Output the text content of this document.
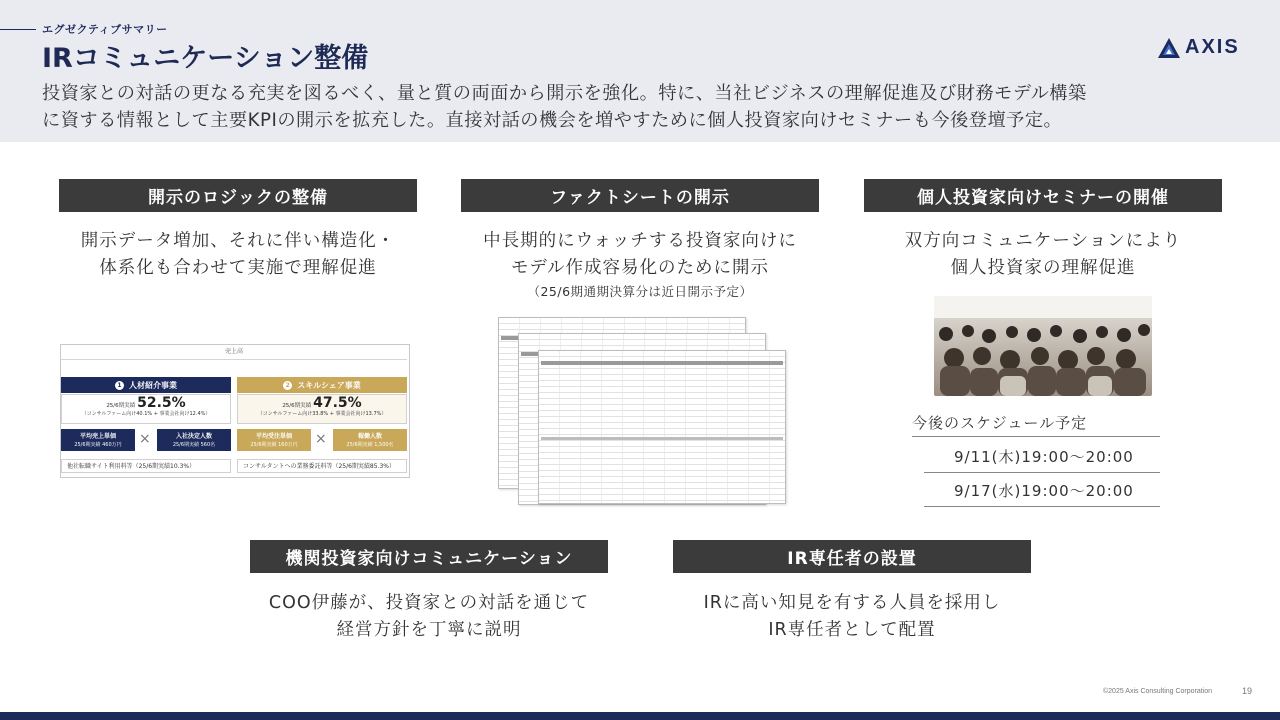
エグゼクティブサマリー
IRコミュニケーション整備	AXIS
投資家との対話の更なる充実を図るべく、量と質の両面から開示を強化。特に、当社ビジネスの理解促進及び財務モデル構築
に資する情報として主要KPIの開示を拡充した。直接対話の機会を増やすために個人投資家向けセミナーも今後登壇予定。
開示のロジックの整備
開示データ増加、それに伴い構造化・
体系化も合わせて実施で理解促進
売上高
1 人材紹介事業
25/6期実績 52.5%
（コンサルファーム向け40.1% + 事業会社向け12.4%）
平均売上単価
25/6期実績 460万円	×	入社決定人数
25/6期実績 560名
他社転職サイト利用料等（25/6期実績10.3%）
2 スキルシェア事業
25/6期実績 47.5%
（コンサルファーム向け33.8% + 事業会社向け13.7%）
平均受注単価
25/6期実績 160万円	×	稼働人数
25/6期実績 1,500名
コンサルタントへの業務委託料等（25/6期実績85.3%）
ファクトシートの開示
中長期的にウォッチする投資家向けに
モデル作成容易化のために開示
（25/6期通期決算分は近日開示予定）
個人投資家向けセミナーの開催
双方向コミュニケーションにより
個人投資家の理解促進
今後のスケジュール予定
9/11(木)19:00～20:00
9/17(水)19:00～20:00
機関投資家向けコミュニケーション
COO伊藤が、投資家との対話を通じて
経営方針を丁寧に説明
IR専任者の設置
IRに高い知見を有する人員を採用し
IR専任者として配置
©2025 Axis Consulting Corporation	19
